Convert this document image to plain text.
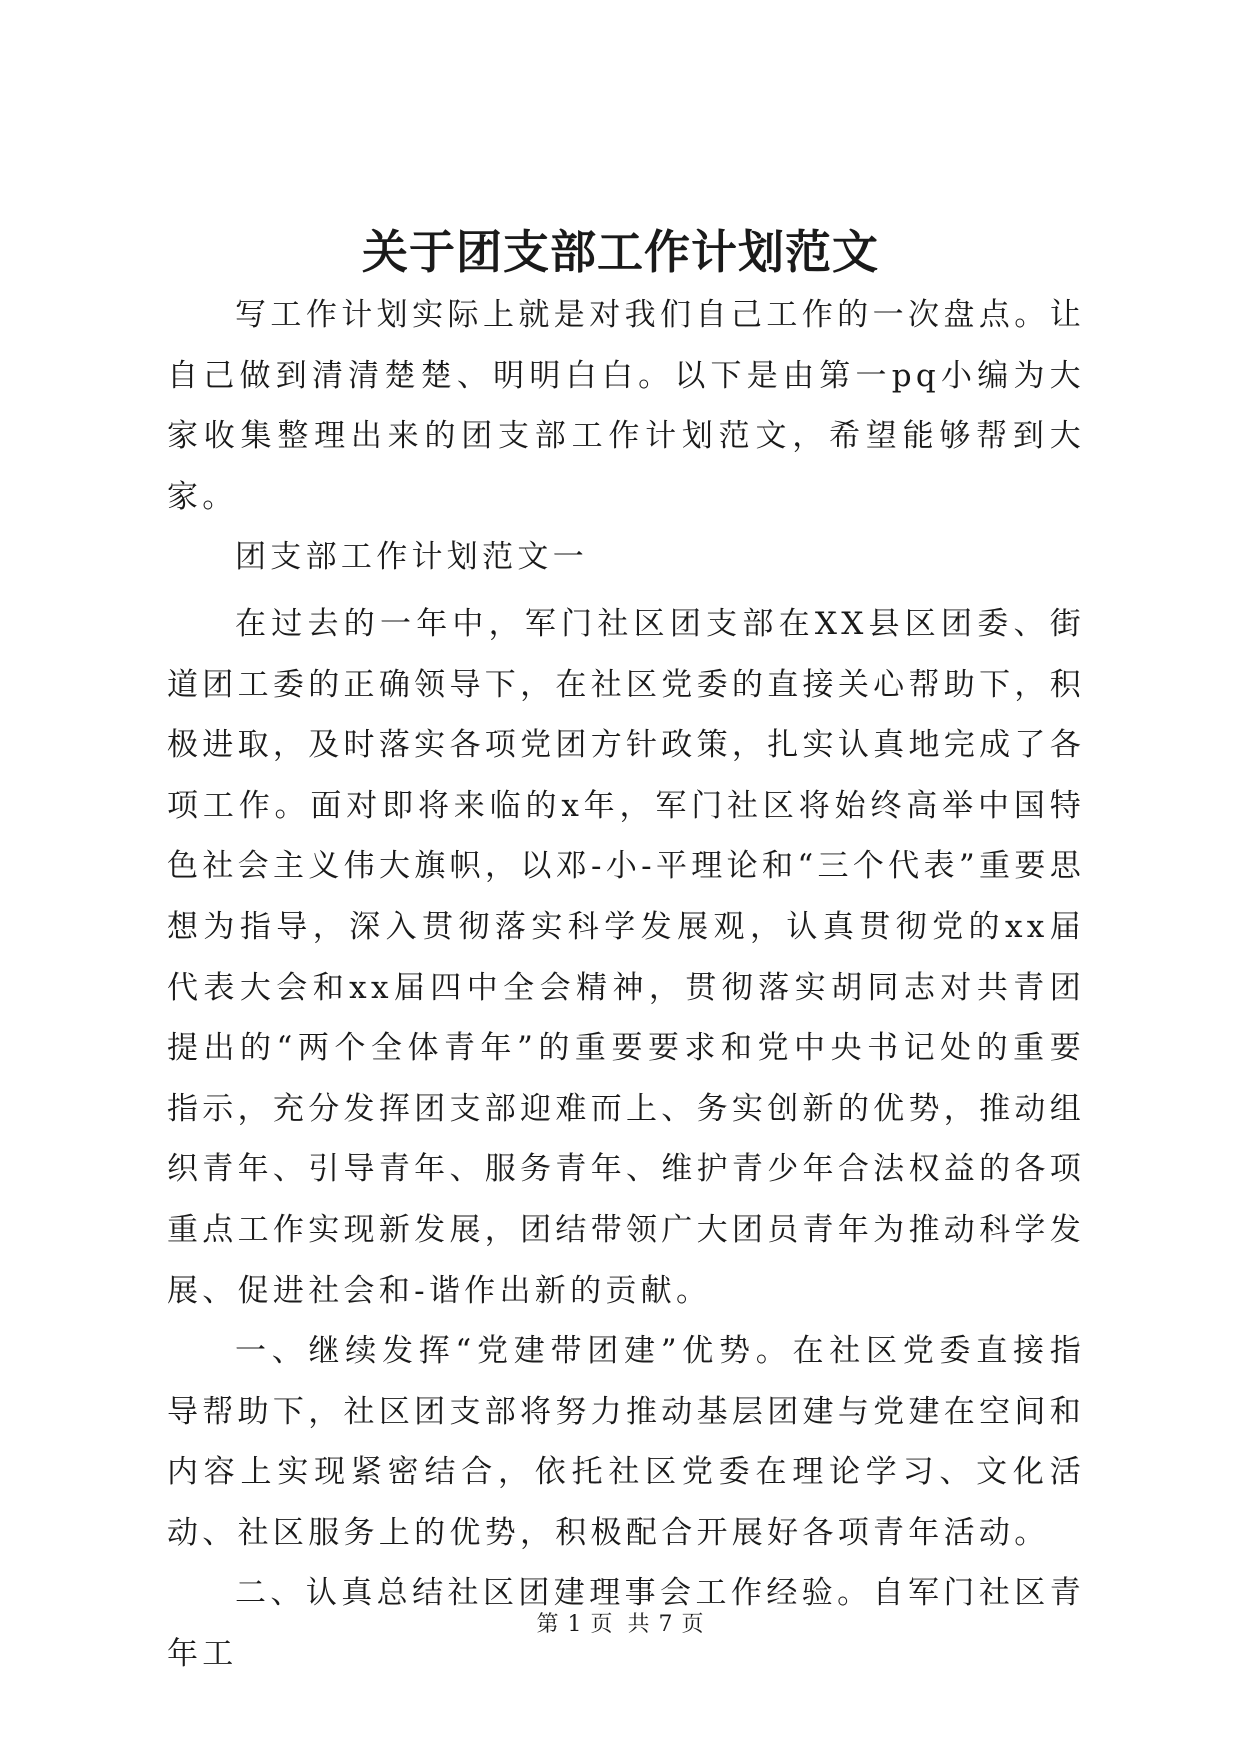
关于团支部工作计划范文

写工作计划实际上就是对我们自己工作的一次盘点。让自己做到清清楚楚、明明白白。以下是由第一pq小编为大家收集整理出来的团支部工作计划范文，希望能够帮到大家。

团支部工作计划范文一

在过去的一年中，军门社区团支部在XX县区团委、街道团工委的正确领导下，在社区党委的直接关心帮助下，积极进取，及时落实各项党团方针政策，扎实认真地完成了各项工作。面对即将来临的x年，军门社区将始终高举中国特色社会主义伟大旗帜，以邓-小-平理论和“三个代表”重要思想为指导，深入贯彻落实科学发展观，认真贯彻党的xx届代表大会和xx届四中全会精神，贯彻落实胡同志对共青团提出的“两个全体青年”的重要要求和党中央书记处的重要指示，充分发挥团支部迎难而上、务实创新的优势，推动组织青年、引导青年、服务青年、维护青少年合法权益的各项重点工作实现新发展，团结带领广大团员青年为推动科学发展、促进社会和-谐作出新的贡献。

一、继续发挥“党建带团建”优势。在社区党委直接指导帮助下，社区团支部将努力推动基层团建与党建在空间和内容上实现紧密结合，依托社区党委在理论学习、文化活动、社区服务上的优势，积极配合开展好各项青年活动。

二、认真总结社区团建理事会工作经验。自军门社区青年工

第 1 页 共 7 页
